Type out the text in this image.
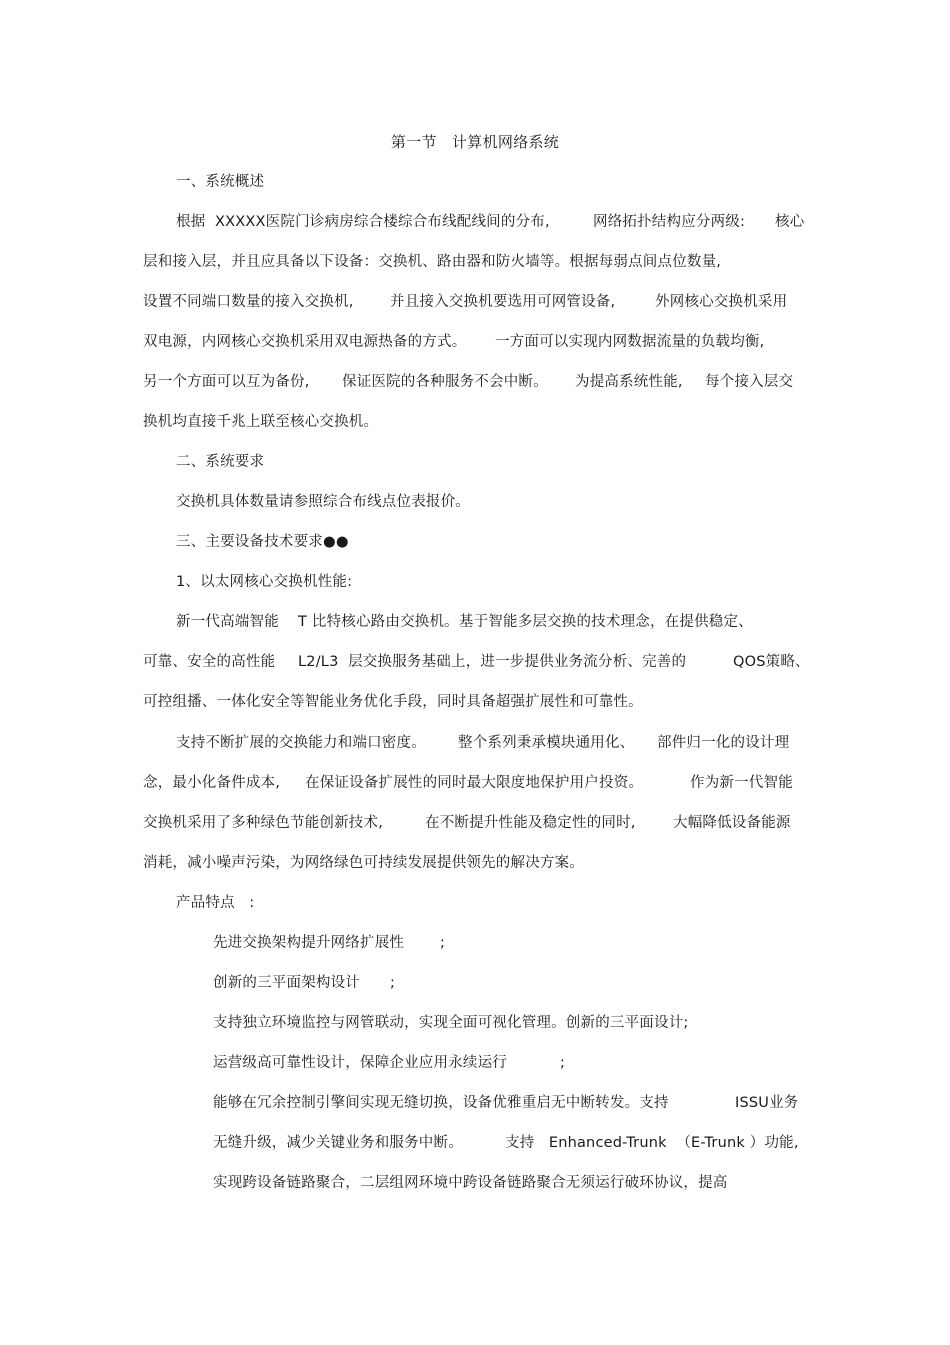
第一节   计算机网络系统
一、系统概述
根据  XXXXX医院门诊病房综合楼综合布线配线间的分布,	网络拓扑结构应分两级: 核心
层和接入层，并且应具备以下设备：交换机、路由器和防火墙等。根据每弱点间点位数量,
设置不同端口数量的接入交换机,	并且接入交换机要选用可网管设备,	外网核心交换机采用
双电源，内网核心交换机采用双电源热备的方式。 一方面可以实现内网数据流量的负载均衡,
另一个方面可以互为备份, 保证医院的各种服务不会中断。 为提高系统性能, 每个接入层交
换机均直接千兆上联至核心交换机。
二、系统要求
交换机具体数量请参照综合布线点位表报价。
三、主要设备技术要求●●
1、以太网核心交换机性能:
新一代高端智能 T 比特核心路由交换机。基于智能多层交换的技术理念，在提供稳定、
可靠、安全的高性能 L2/L3  层交换服务基础上，进一步提供业务流分析、完善的	QOS策略、
可控组播、一体化安全等智能业务优化手段，同时具备超强扩展性和可靠性。
支持不断扩展的交换能力和端口密度。 整个系列秉承模块通用化、 部件归一化的设计理
念，最小化备件成本, 在保证设备扩展性的同时最大限度地保护用户投资。	作为新一代智能
交换机采用了多种绿色节能创新技术,	在不断提升性能及稳定性的同时,	大幅降低设备能源
消耗，减小噪声污染，为网络绿色可持续发展提供领先的解决方案。
产品特点   :
先进交换架构提升网络扩展性 ;
创新的三平面架构设计 ;
支持独立环境监控与网管联动，实现全面可视化管理。创新的三平面设计;
运营级高可靠性设计，保障企业应用永续运行	;
能够在冗余控制引擎间实现无缝切换，设备优雅重启无中断转发。支持	ISSU业务
无缝升级，减少关键业务和服务中断。	支持   Enhanced-Trunk  （E-Trunk ）功能,
实现跨设备链路聚合，二层组网环境中跨设备链路聚合无须运行破环协议，提高
